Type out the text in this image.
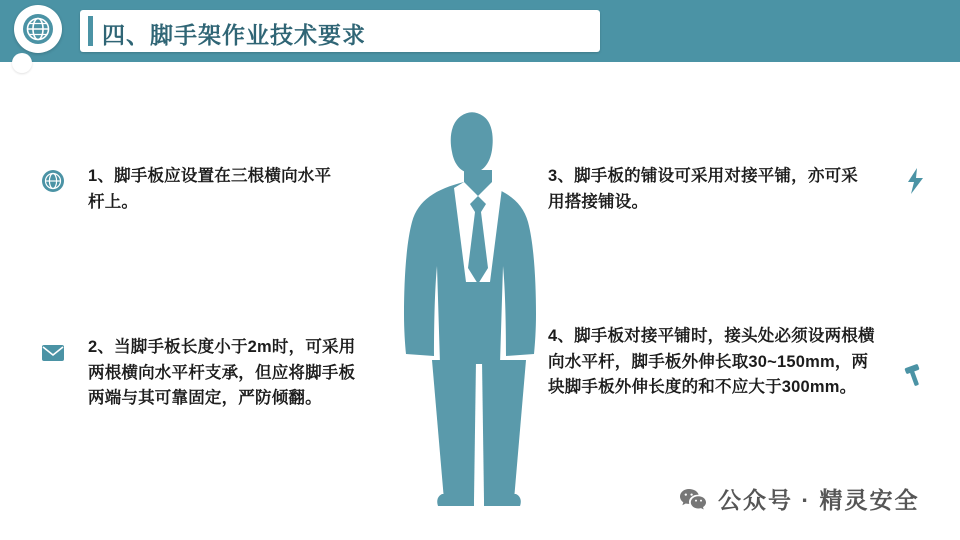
四、脚手架作业技术要求
1、脚手板应设置在三根横向水平杆上。
2、当脚手板长度小于2m时，可采用两根横向水平杆支承，但应将脚手板两端与其可靠固定，严防倾翻。
3、脚手板的铺设可采用对接平铺，亦可采用搭接铺设。
4、脚手板对接平铺时，接头处必须设两根横向水平杆，脚手板外伸长取30~150mm，两块脚手板外伸长度的和不应大于300mm。
公众号 · 精灵安全
